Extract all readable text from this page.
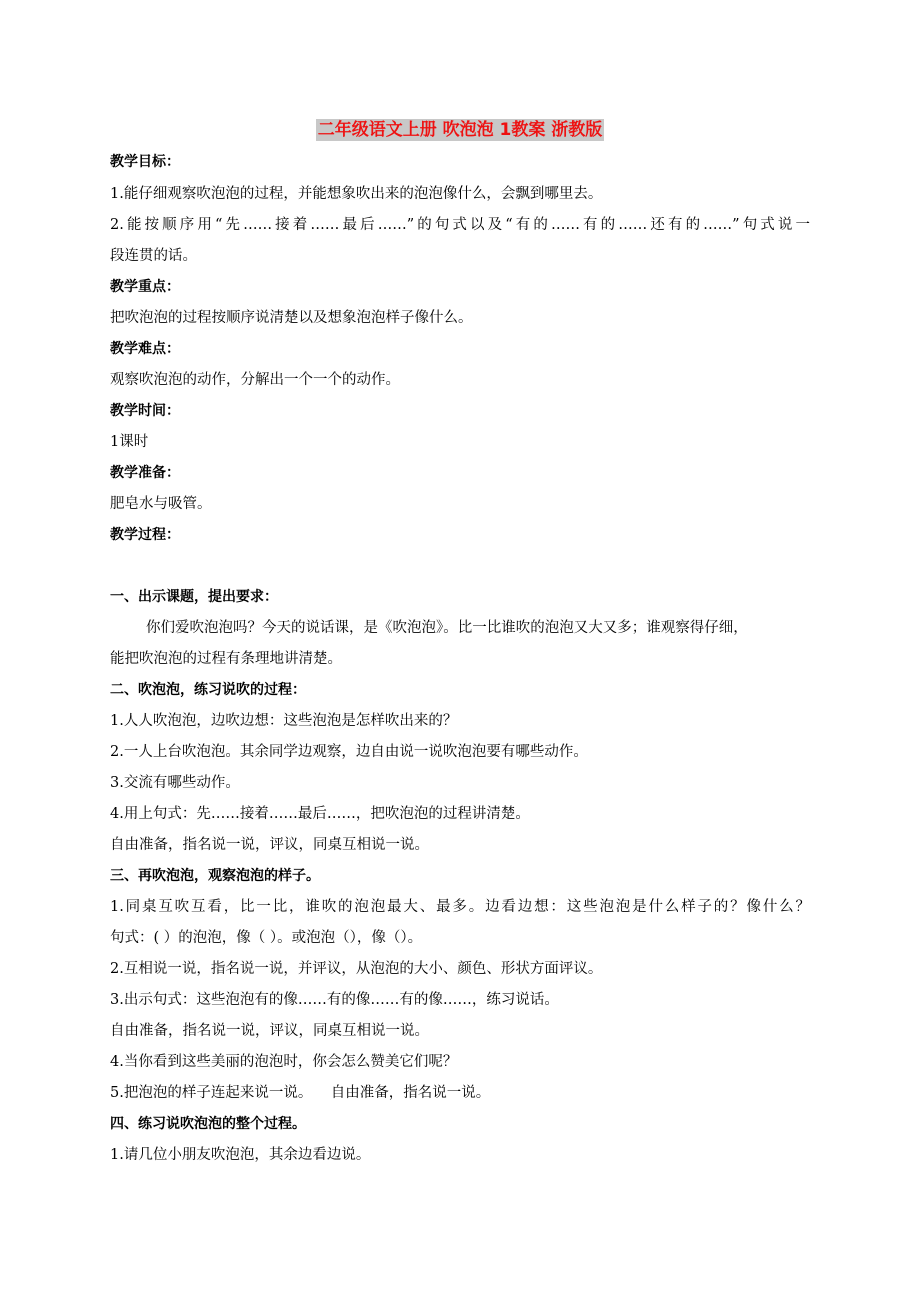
二年级语文上册 吹泡泡 1教案 浙教版
教学目标：
1.能仔细观察吹泡泡的过程，并能想象吹出来的泡泡像什么，会飘到哪里去。
2.能按顺序用“先……接着……最后……”的句式以及“有的……有的……还有的……”句式说一
段连贯的话。
教学重点：
把吹泡泡的过程按顺序说清楚以及想象泡泡样子像什么。
教学难点：
观察吹泡泡的动作，分解出一个一个的动作。
教学时间：
1课时
教学准备：
肥皂水与吸管。
教学过程：
一、出示课题，提出要求：
你们爱吹泡泡吗？今天的说话课，是《吹泡泡》。比一比谁吹的泡泡又大又多；谁观察得仔细，
能把吹泡泡的过程有条理地讲清楚。
二、吹泡泡，练习说吹的过程：
1.人人吹泡泡，边吹边想：这些泡泡是怎样吹出来的？
2.一人上台吹泡泡。其余同学边观察，边自由说一说吹泡泡要有哪些动作。
3.交流有哪些动作。
4.用上句式：先……接着……最后……，把吹泡泡的过程讲清楚。
自由准备，指名说一说，评议，同桌互相说一说。
三、再吹泡泡，观察泡泡的样子。
1.同桌互吹互看，比一比，谁吹的泡泡最大、最多。边看边想：这些泡泡是什么样子的？像什么？
句式：( ）的泡泡，像（ ）。或泡泡（），像（）。
2.互相说一说，指名说一说，并评议，从泡泡的大小、颜色、形状方面评议。
3.出示句式：这些泡泡有的像……有的像……有的像……，练习说话。
自由准备，指名说一说，评议，同桌互相说一说。
4.当你看到这些美丽的泡泡时，你会怎么赞美它们呢？
5.把泡泡的样子连起来说一说。    自由准备，指名说一说。
四、练习说吹泡泡的整个过程。
1.请几位小朋友吹泡泡，其余边看边说。
